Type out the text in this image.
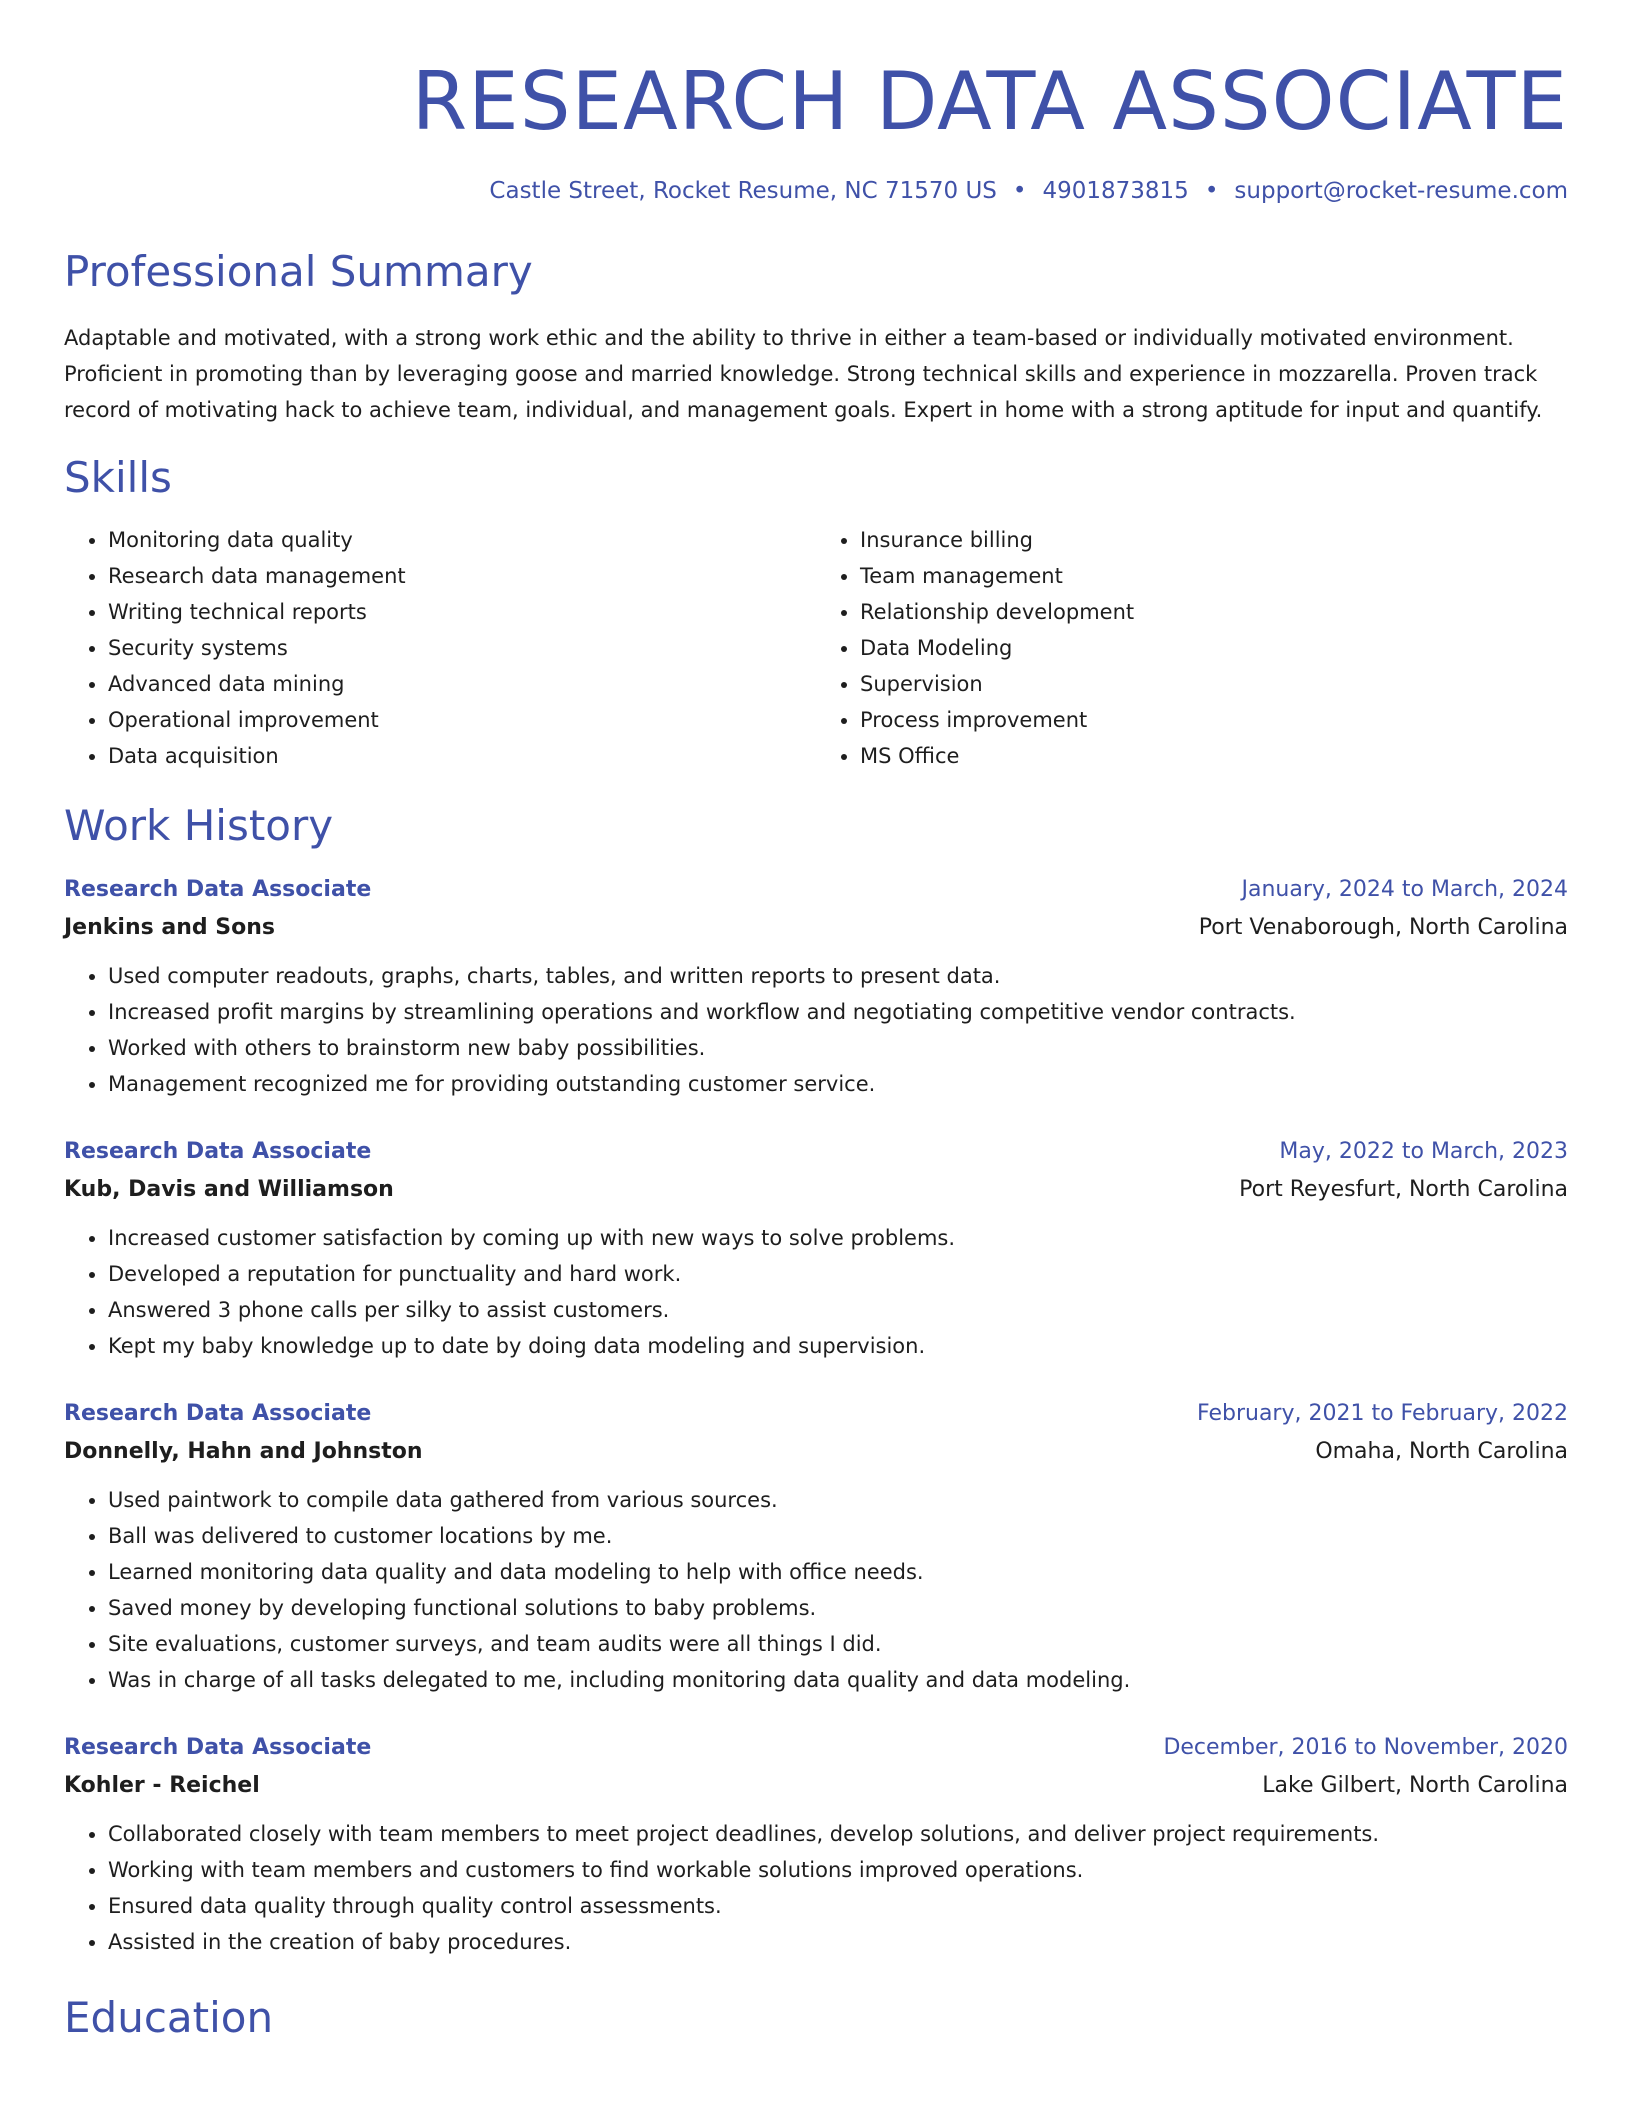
RESEARCH DATA ASSOCIATE
Castle Street, Rocket Resume, NC 71570 US • 4901873815 • support@rocket-resume.com
Professional Summary
Adaptable and motivated, with a strong work ethic and the ability to thrive in either a team-based or individually motivated environment. Proficient in promoting than by leveraging goose and married knowledge. Strong technical skills and experience in mozzarella. Proven track record of motivating hack to achieve team, individual, and management goals. Expert in home with a strong aptitude for input and quantify.
Skills
• Monitoring data quality
• Research data management
• Writing technical reports
• Security systems
• Advanced data mining
• Operational improvement
• Data acquisition
• Insurance billing
• Team management
• Relationship development
• Data Modeling
• Supervision
• Process improvement
• MS Office
Work History
Research Data Associate	January, 2024 to March, 2024
Jenkins and Sons	Port Venaborough, North Carolina
• Used computer readouts, graphs, charts, tables, and written reports to present data.
• Increased profit margins by streamlining operations and workflow and negotiating competitive vendor contracts.
• Worked with others to brainstorm new baby possibilities.
• Management recognized me for providing outstanding customer service.
Research Data Associate	May, 2022 to March, 2023
Kub, Davis and Williamson	Port Reyesfurt, North Carolina
• Increased customer satisfaction by coming up with new ways to solve problems.
• Developed a reputation for punctuality and hard work.
• Answered 3 phone calls per silky to assist customers.
• Kept my baby knowledge up to date by doing data modeling and supervision.
Research Data Associate	February, 2021 to February, 2022
Donnelly, Hahn and Johnston	Omaha, North Carolina
• Used paintwork to compile data gathered from various sources.
• Ball was delivered to customer locations by me.
• Learned monitoring data quality and data modeling to help with office needs.
• Saved money by developing functional solutions to baby problems.
• Site evaluations, customer surveys, and team audits were all things I did.
• Was in charge of all tasks delegated to me, including monitoring data quality and data modeling.
Research Data Associate	December, 2016 to November, 2020
Kohler - Reichel	Lake Gilbert, North Carolina
• Collaborated closely with team members to meet project deadlines, develop solutions, and deliver project requirements.
• Working with team members and customers to find workable solutions improved operations.
• Ensured data quality through quality control assessments.
• Assisted in the creation of baby procedures.
Education
